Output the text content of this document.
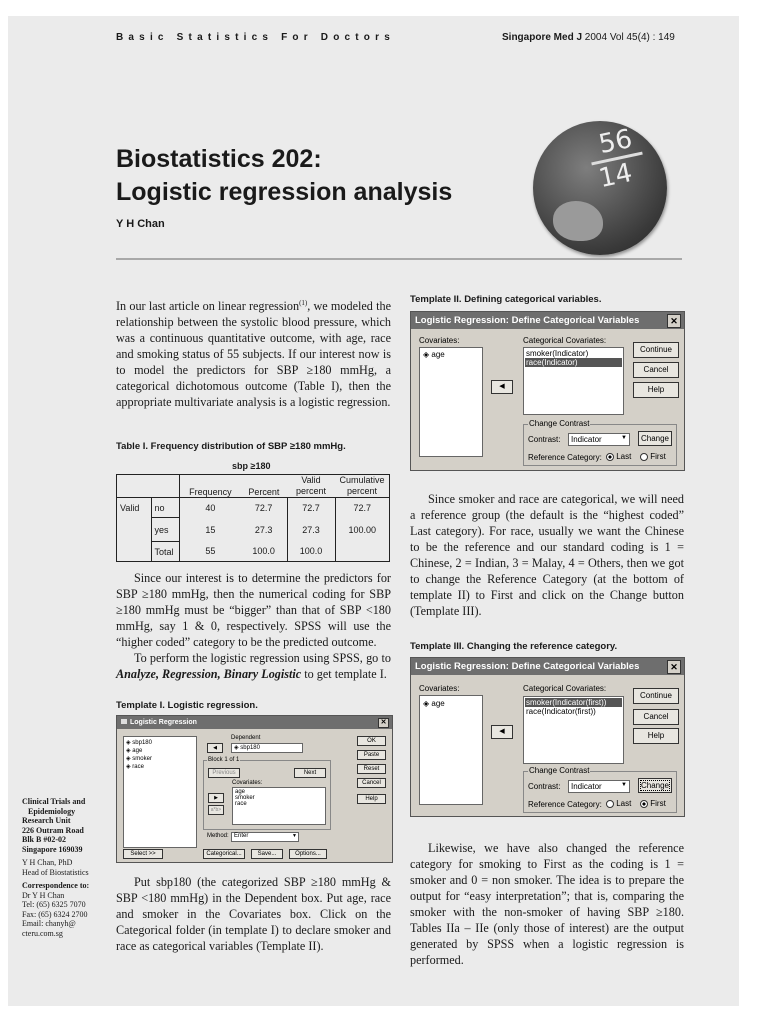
Basic Statistics For Doctors	Singapore Med J 2004 Vol 45(4) : 149
Biostatistics 202:
Logistic regression analysis
Y H Chan
56
14

In our last article on linear regression$^{(1)}$, we modeled the relationship between the systolic blood pressure, which was a continuous quantitative outcome, with age, race and smoking status of 55 subjects. If our interest now is to model the predictors for SBP ≥180 mmHg, a categorical dichotomous outcome (Table I), then the appropriate multivariate analysis is a logistic regression.

Table I. Frequency distribution of SBP ≥180 mmHg.
sbp ≥180
		Frequency	Percent	Valid percent	Cumulative percent
Valid	no	40	72.7	72.7	72.7
	yes	15	27.3	27.3	100.00
	Total	55	100.0	100.0	

Since our interest is to determine the predictors for SBP ≥180 mmHg, then the numerical coding for SBP ≥180 mmHg must be “bigger” than that of SBP <180 mmHg, say 1 & 0, respectively. SPSS will use the “higher coded” category to be the predicted outcome.

To perform the logistic regression using SPSS, go to Analyze, Regression, Binary Logistic to get template I.

Template I. Logistic regression.
Logistic Regression	✕
◈ sbp180
◈ age
◈ smoker
◈ race
◀
Dependent
◈ sbp180
Block 1 of 1
Previous	Next
Covariates:
▶
a*b>
age
smoker
race
Method: Enter	▼
OK
Paste
Reset
Cancel
Help
Select >>	Categorical...	Save...	Options...

Put sbp180 (the categorized SBP ≥180 mmHg & SBP <180 mmHg) in the Dependent box. Put age, race and smoker in the Covariates box. Click on the Categorical folder (in template I) to declare smoker and race as categorical variables (Template II).

Clinical Trials and
Epidemiology
Research Unit
226 Outram Road
Blk B #02-02
Singapore 169039
Y H Chan, PhD
Head of Biostatistics
Correspondence to:
Dr Y H Chan
Tel: (65) 6325 7070
Fax: (65) 6324 2700
Email: chanyh@
cteru.com.sg
Template II. Defining categorical variables.
Logistic Regression: Define Categorical Variables	✕
Covariates:
◈ age
◀
Categorical Covariates:
smoker(Indicator)
race(Indicator)
Continue
Cancel
Help
Change Contrast
Contrast: Indicator	▼	Change
Reference Category:	Last	First

Since smoker and race are categorical, we will need a reference group (the default is the “highest coded” Last category). For race, usually we want the Chinese to be the reference and our standard coding is 1 = Chinese, 2 = Indian, 3 = Malay, 4 = Others, then we got to change the Reference Category (at the bottom of template II) to First and click on the Change button (Template III).

Template III. Changing the reference category.
Logistic Regression: Define Categorical Variables	✕
Covariates:
◈ age
◀
Categorical Covariates:
smoker(Indicator(first))
race(Indicator(first))
Continue
Cancel
Help
Change Contrast
Contrast: Indicator	▼	Change
Reference Category:	Last	First

Likewise, we have also changed the reference category for smoking to First as the coding is 1 = smoker and 0 = non smoker. The idea is to prepare the output for “easy interpretation”; that is, comparing the smoker with the non-smoker of having SBP ≥180. Tables IIa – IIe (only those of interest) are the output generated by SPSS when a logistic regression is performed.
